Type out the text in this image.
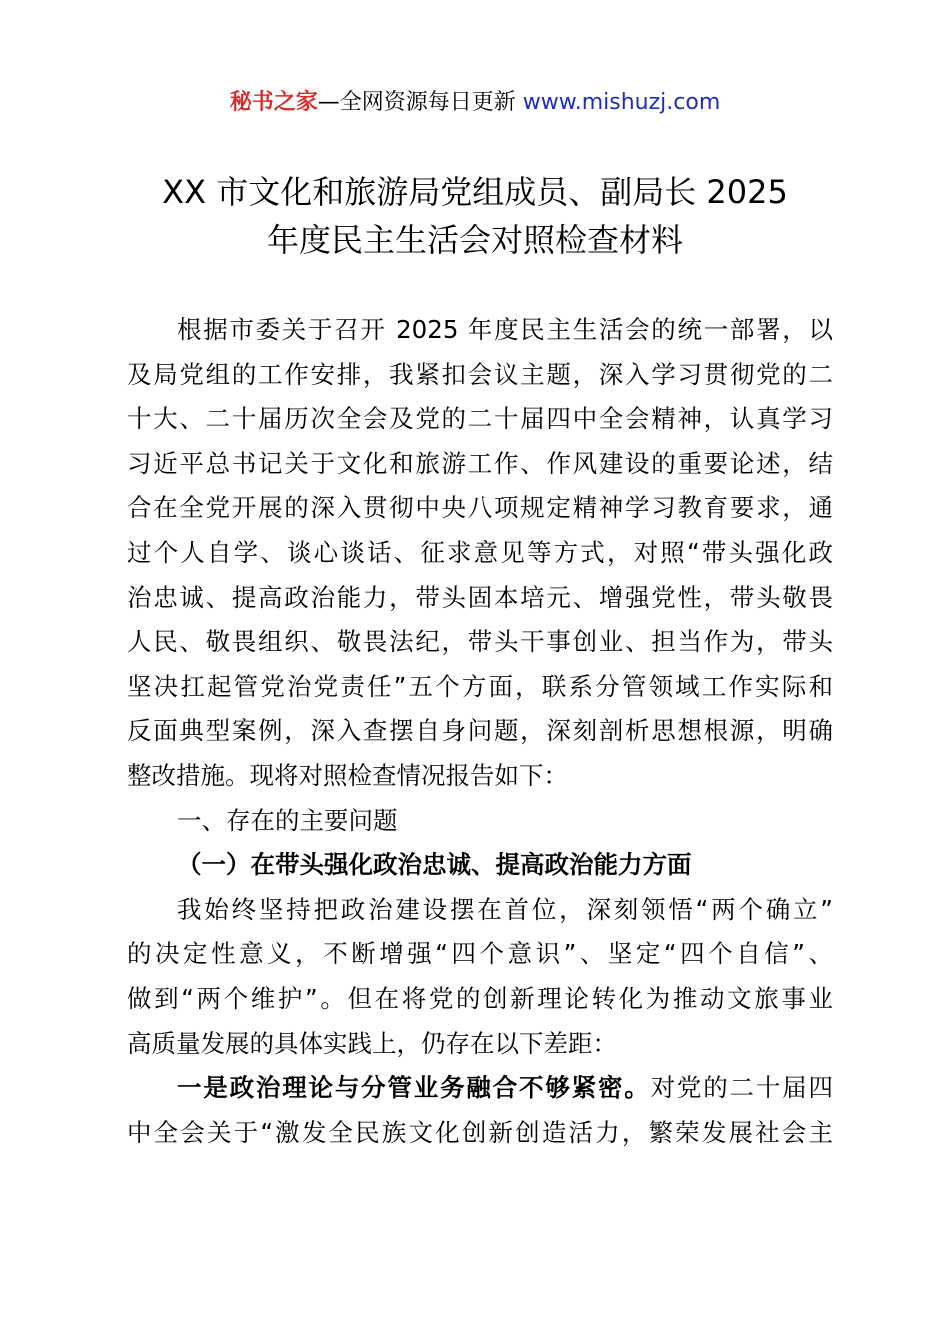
秘书之家—全网资源每日更新 www.mishuzj.com
XX 市文化和旅游局党组成员、副局长 2025
年度民主生活会对照检查材料
根据市委关于召开 2025 年度民主生活会的统一部署，以
及局党组的工作安排，我紧扣会议主题，深入学习贯彻党的二
十大、二十届历次全会及党的二十届四中全会精神，认真学习
习近平总书记关于文化和旅游工作、作风建设的重要论述，结
合在全党开展的深入贯彻中央八项规定精神学习教育要求，通
过个人自学、谈心谈话、征求意见等方式，对照“带头强化政
治忠诚、提高政治能力，带头固本培元、增强党性，带头敬畏
人民、敬畏组织、敬畏法纪，带头干事创业、担当作为，带头
坚决扛起管党治党责任”五个方面，联系分管领域工作实际和
反面典型案例，深入查摆自身问题，深刻剖析思想根源，明确
整改措施。现将对照检查情况报告如下：
一、存在的主要问题
（一）在带头强化政治忠诚、提高政治能力方面
我始终坚持把政治建设摆在首位，深刻领悟“两个确立”
的决定性意义，不断增强“四个意识”、坚定“四个自信”、
做到“两个维护”。但在将党的创新理论转化为推动文旅事业
高质量发展的具体实践上，仍存在以下差距：
一是政治理论与分管业务融合不够紧密。对党的二十届四
中全会关于“激发全民族文化创新创造活力，繁荣发展社会主
